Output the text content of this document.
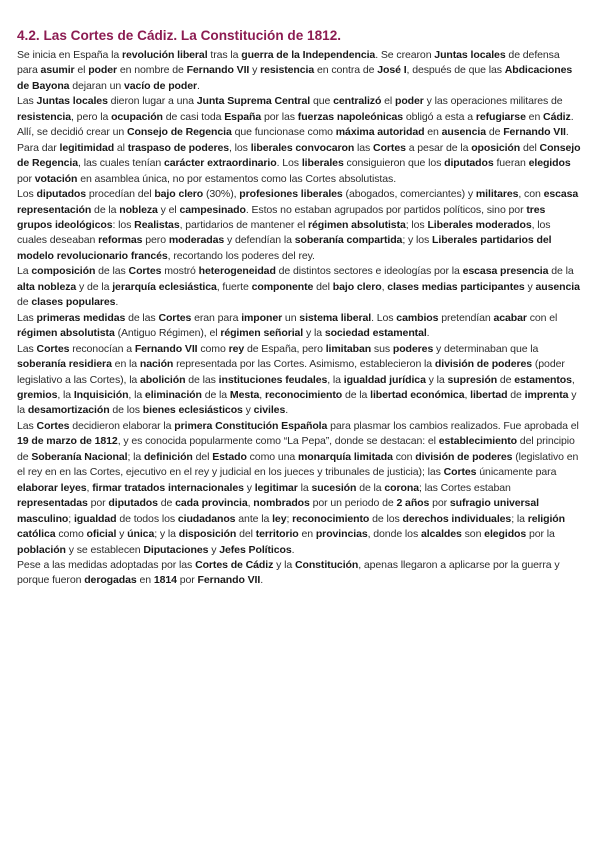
4.2. Las Cortes de Cádiz. La Constitución de 1812.

Se inicia en España la revolución liberal tras la guerra de la Independencia. Se crearon Juntas locales de defensa para asumir el poder en nombre de Fernando VII y resistencia en contra de José I, después de que las Abdicaciones de Bayona dejaran un vacío de poder.

Las Juntas locales dieron lugar a una Junta Suprema Central que centralizó el poder y las operaciones militares de resistencia, pero la ocupación de casi toda España por las fuerzas napoleónicas obligó a esta a refugiarse en Cádiz. Allí, se decidió crear un Consejo de Regencia que funcionase como máxima autoridad en ausencia de Fernando VII.

Para dar legitimidad al traspaso de poderes, los liberales convocaron las Cortes a pesar de la oposición del Consejo de Regencia, las cuales tenían carácter extraordinario. Los liberales consiguieron que los diputados fueran elegidos por votación en asamblea única, no por estamentos como las Cortes absolutistas.

Los diputados procedían del bajo clero (30%), profesiones liberales (abogados, comerciantes) y militares, con escasa representación de la nobleza y el campesinado. Estos no estaban agrupados por partidos políticos, sino por tres grupos ideológicos: los Realistas, partidarios de mantener el régimen absolutista; los Liberales moderados, los cuales deseaban reformas pero moderadas y defendían la soberanía compartida; y los Liberales partidarios del modelo revolucionario francés, recortando los poderes del rey.

La composición de las Cortes mostró heterogeneidad de distintos sectores e ideologías por la escasa presencia de la alta nobleza y de la jerarquía eclesiástica, fuerte componente del bajo clero, clases medias participantes y ausencia de clases populares.

Las primeras medidas de las Cortes eran para imponer un sistema liberal. Los cambios pretendían acabar con el régimen absolutista (Antiguo Régimen), el régimen señorial y la sociedad estamental.

Las Cortes reconocían a Fernando VII como rey de España, pero limitaban sus poderes y determinaban que la soberanía residiera en la nación representada por las Cortes. Asimismo, establecieron la división de poderes (poder legislativo a las Cortes), la abolición de las instituciones feudales, la igualdad jurídica y la supresión de estamentos, gremios, la Inquisición, la eliminación de la Mesta, reconocimiento de la libertad económica, libertad de imprenta y la desamortización de los bienes eclesiásticos y civiles.

Las Cortes decidieron elaborar la primera Constitución Española para plasmar los cambios realizados. Fue aprobada el 19 de marzo de 1812, y es conocida popularmente como “La Pepa”, donde se destacan: el establecimiento del principio de Soberanía Nacional; la definición del Estado como una monarquía limitada con división de poderes (legislativo en el rey en en las Cortes, ejecutivo en el rey y judicial en los jueces y tribunales de justicia); las Cortes únicamente para elaborar leyes, firmar tratados internacionales y legitimar la sucesión de la corona; las Cortes estaban representadas por diputados de cada provincia, nombrados por un periodo de 2 años por sufragio universal masculino; igualdad de todos los ciudadanos ante la ley; reconocimiento de los derechos individuales; la religión católica como oficial y única; y la disposición del territorio en provincias, donde los alcaldes son elegidos por la población y se establecen Diputaciones y Jefes Políticos.

Pese a las medidas adoptadas por las Cortes de Cádiz y la Constitución, apenas llegaron a aplicarse por la guerra y porque fueron derogadas en 1814 por Fernando VII.
